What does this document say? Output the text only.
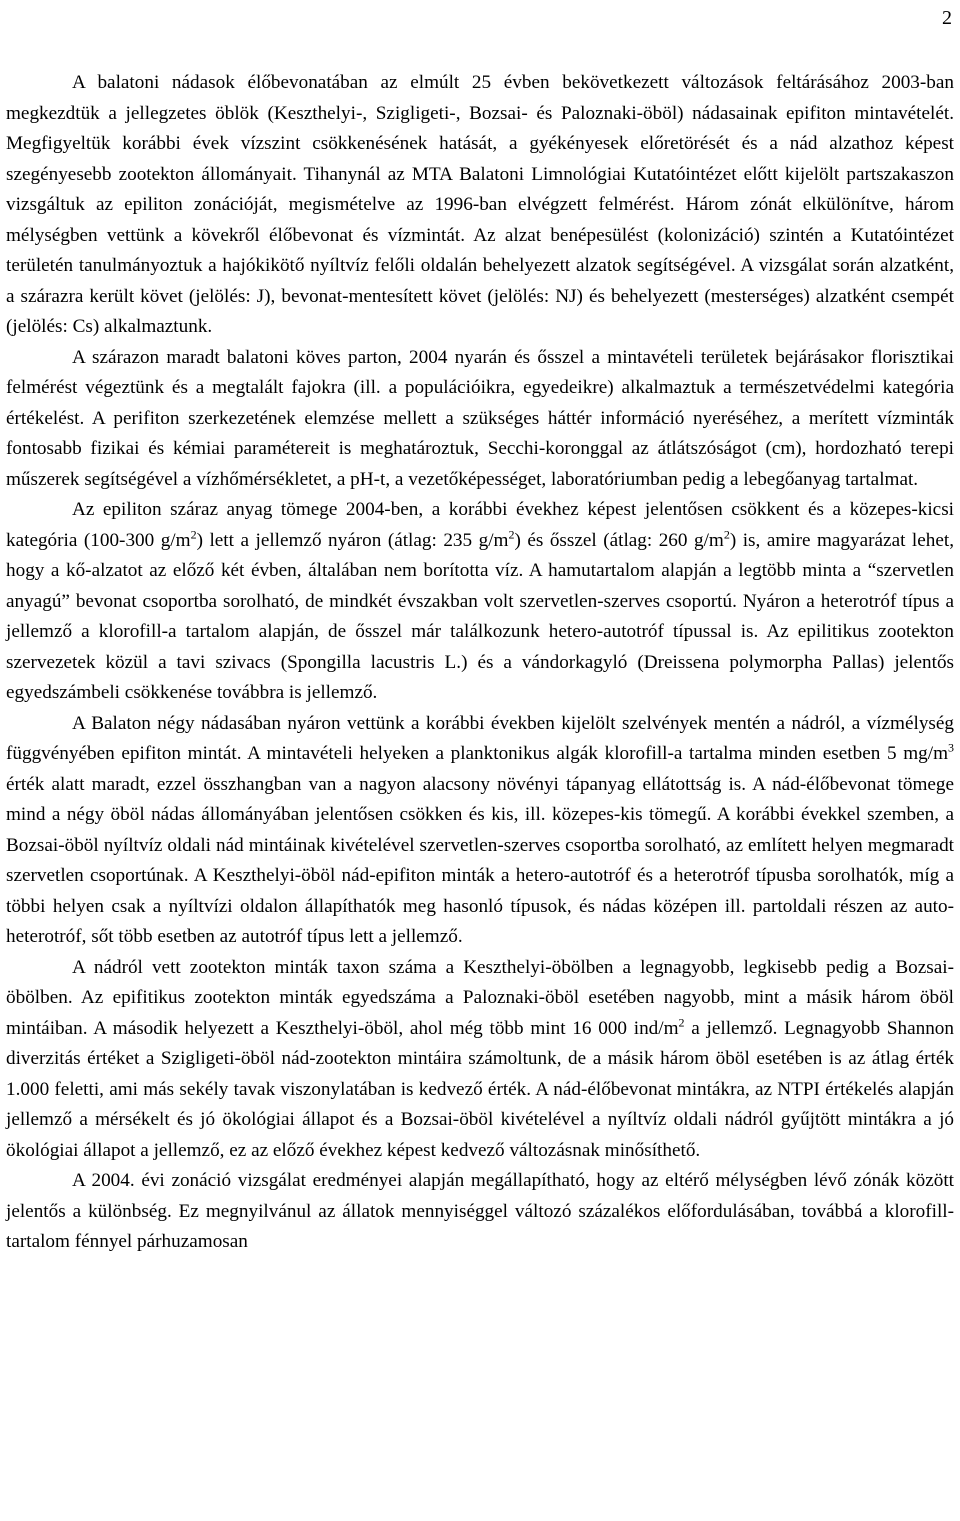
2

A balatoni nádasok élőbevonatában az elmúlt 25 évben bekövetkezett változások feltárásához 2003-ban megkezdtük a jellegzetes öblök (Keszthelyi-, Szigligeti-, Bozsai- és Paloznaki-öböl) nádasainak epifiton mintavételét. Megfigyeltük korábbi évek vízszint csökkenésének hatását, a gyékényesek előretörését és a nád alzathoz képest szegényesebb zootekton állományait. Tihanynál az MTA Balatoni Limnológiai Kutatóintézet előtt kijelölt partszakaszon vizsgáltuk az epiliton zonációját, megismételve az 1996-ban elvégzett felmérést. Három zónát elkülönítve, három mélységben vettünk a kövekről élőbevonat és vízmintát. Az alzat benépesülést (kolonizáció) szintén a Kutatóintézet területén tanulmányoztuk a hajókikötő nyíltvíz felőli oldalán behelyezett alzatok segítségével. A vizsgálat során alzatként, a szárazra került követ (jelölés: J), bevonat-mentesített követ (jelölés: NJ) és behelyezett (mesterséges) alzatként csempét (jelölés: Cs) alkalmaztunk.

A szárazon maradt balatoni köves parton, 2004 nyarán és ősszel a mintavételi területek bejárásakor florisztikai felmérést végeztünk és a megtalált fajokra (ill. a populációikra, egyedeikre) alkalmaztuk a természetvédelmi kategória értékelést. A perifiton szerkezetének elemzése mellett a szükséges háttér információ nyeréséhez, a merített vízminták fontosabb fizikai és kémiai paramétereit is meghatároztuk, Secchi-koronggal az átlátszóságot (cm), hordozható terepi műszerek segítségével a vízhőmérsékletet, a pH-t, a vezetőképességet, laboratóriumban pedig a lebegőanyag tartalmat.

Az epiliton száraz anyag tömege 2004-ben, a korábbi évekhez képest jelentősen csökkent és a közepes-kicsi kategória (100-300 $g/m^2$) lett a jellemző nyáron (átlag: 235 $g/m^2$) és ősszel (átlag: 260 $g/m^2$) is, amire magyarázat lehet, hogy a kő-alzatot az előző két évben, általában nem borította víz. A hamutartalom alapján a legtöbb minta a “szervetlen anyagú” bevonat csoportba sorolható, de mindkét évszakban volt szervetlen-szerves csoportú. Nyáron a heterotróf típus a jellemző a klorofill-a tartalom alapján, de ősszel már találkozunk hetero-autotróf típussal is. Az epilitikus zootekton szervezetek közül a tavi szivacs (Spongilla lacustris L.) és a vándorkagyló (Dreissena polymorpha Pallas) jelentős egyedszámbeli csökkenése továbbra is jellemző.

A Balaton négy nádasában nyáron vettünk a korábbi években kijelölt szelvények mentén a nádról, a vízmélység függvényében epifiton mintát. A mintavételi helyeken a planktonikus algák klorofill-a tartalma minden esetben 5 $mg/m^3$ érték alatt maradt, ezzel összhangban van a nagyon alacsony növényi tápanyag ellátottság is. A nád-élőbevonat tömege mind a négy öböl nádas állományában jelentősen csökken és kis, ill. közepes-kis tömegű. A korábbi évekkel szemben, a Bozsai-öböl nyíltvíz oldali nád mintáinak kivételével szervetlen-szerves csoportba sorolható, az említett helyen megmaradt szervetlen csoportúnak. A Keszthelyi-öböl nád-epifiton minták a hetero-autotróf és a heterotróf típusba sorolhatók, míg a többi helyen csak a nyíltvízi oldalon állapíthatók meg hasonló típusok, és nádas középen ill. partoldali részen az auto-heterotróf, sőt több esetben az autotróf típus lett a jellemző.

A nádról vett zootekton minták taxon száma a Keszthelyi-öbölben a legnagyobb, legkisebb pedig a Bozsai-öbölben. Az epifitikus zootekton minták egyedszáma a Paloznaki-öböl esetében nagyobb, mint a másik három öböl mintáiban. A második helyezett a Keszthelyi-öböl, ahol még több mint 16 000 ind/$m^2$ a jellemző. Legnagyobb Shannon diverzitás értéket a Szigligeti-öböl nád-zootekton mintáira számoltunk, de a másik három öböl esetében is az átlag érték 1.000 feletti, ami más sekély tavak viszonylatában is kedvező érték. A nád-élőbevonat mintákra, az NTPI értékelés alapján jellemző a mérsékelt és jó ökológiai állapot és a Bozsai-öböl kivételével a nyíltvíz oldali nádról gyűjtött mintákra a jó ökológiai állapot a jellemző, ez az előző évekhez képest kedvező változásnak minősíthető.

A 2004. évi zonáció vizsgálat eredményei alapján megállapítható, hogy az eltérő mélységben lévő zónák között jelentős a különbség. Ez megnyilvánul az állatok mennyiséggel változó százalékos előfordulásában, továbbá a klorofill-tartalom fénnyel párhuzamosan
